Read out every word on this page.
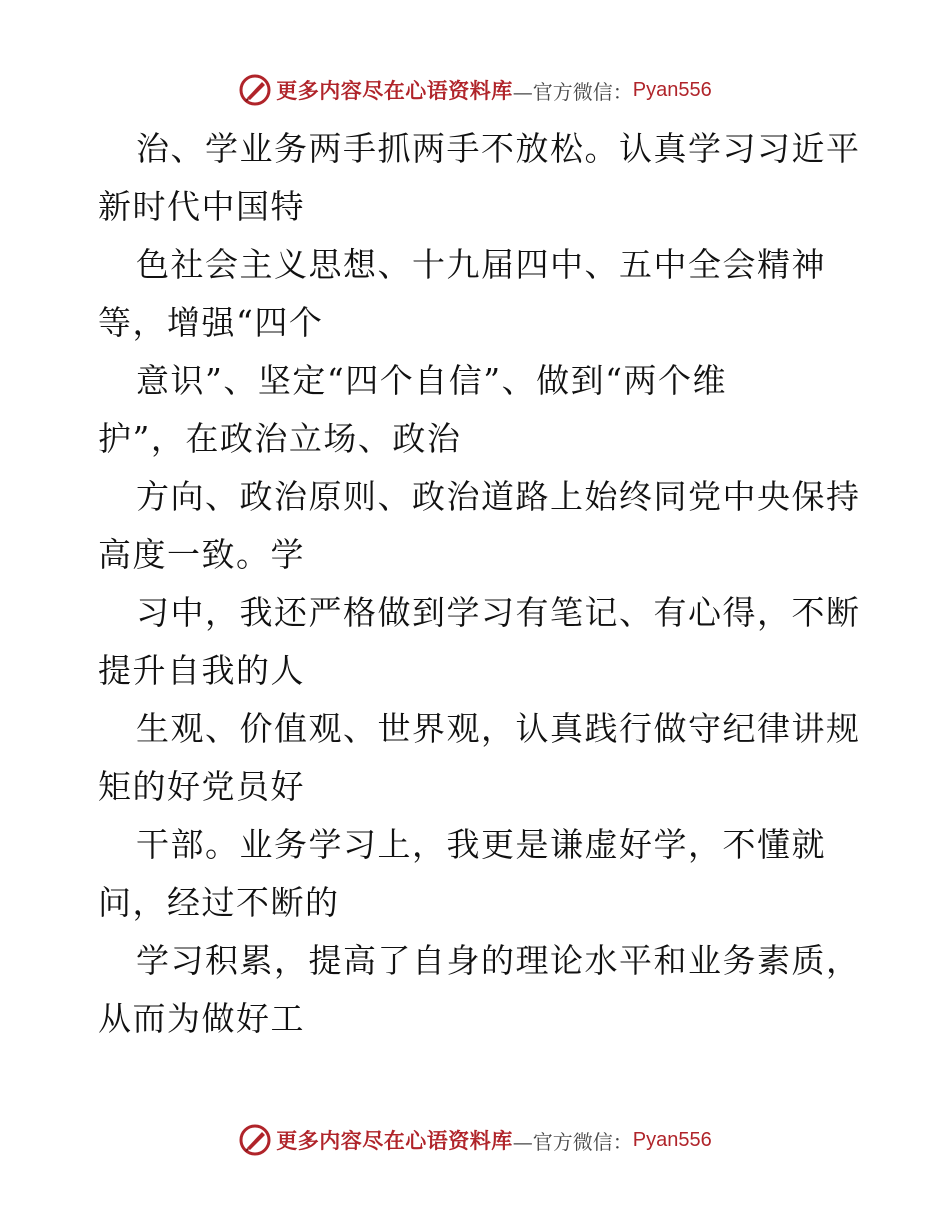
更多内容尽在心语资料库 —官方微信： Pyan556
治、学业务两手抓两手不放松。认真学习习近平
新时代中国特
色社会主义思想、十九届四中、五中全会精神
等，增强“四个
意识”、坚定“四个自信”、做到“两个维
护”，在政治立场、政治
方向、政治原则、政治道路上始终同党中央保持
高度一致。学
习中，我还严格做到学习有笔记、有心得，不断
提升自我的人
生观、价值观、世界观，认真践行做守纪律讲规
矩的好党员好
干部。业务学习上，我更是谦虚好学，不懂就
问，经过不断的
学习积累，提高了自身的理论水平和业务素质，
从而为做好工
更多内容尽在心语资料库 —官方微信： Pyan556
